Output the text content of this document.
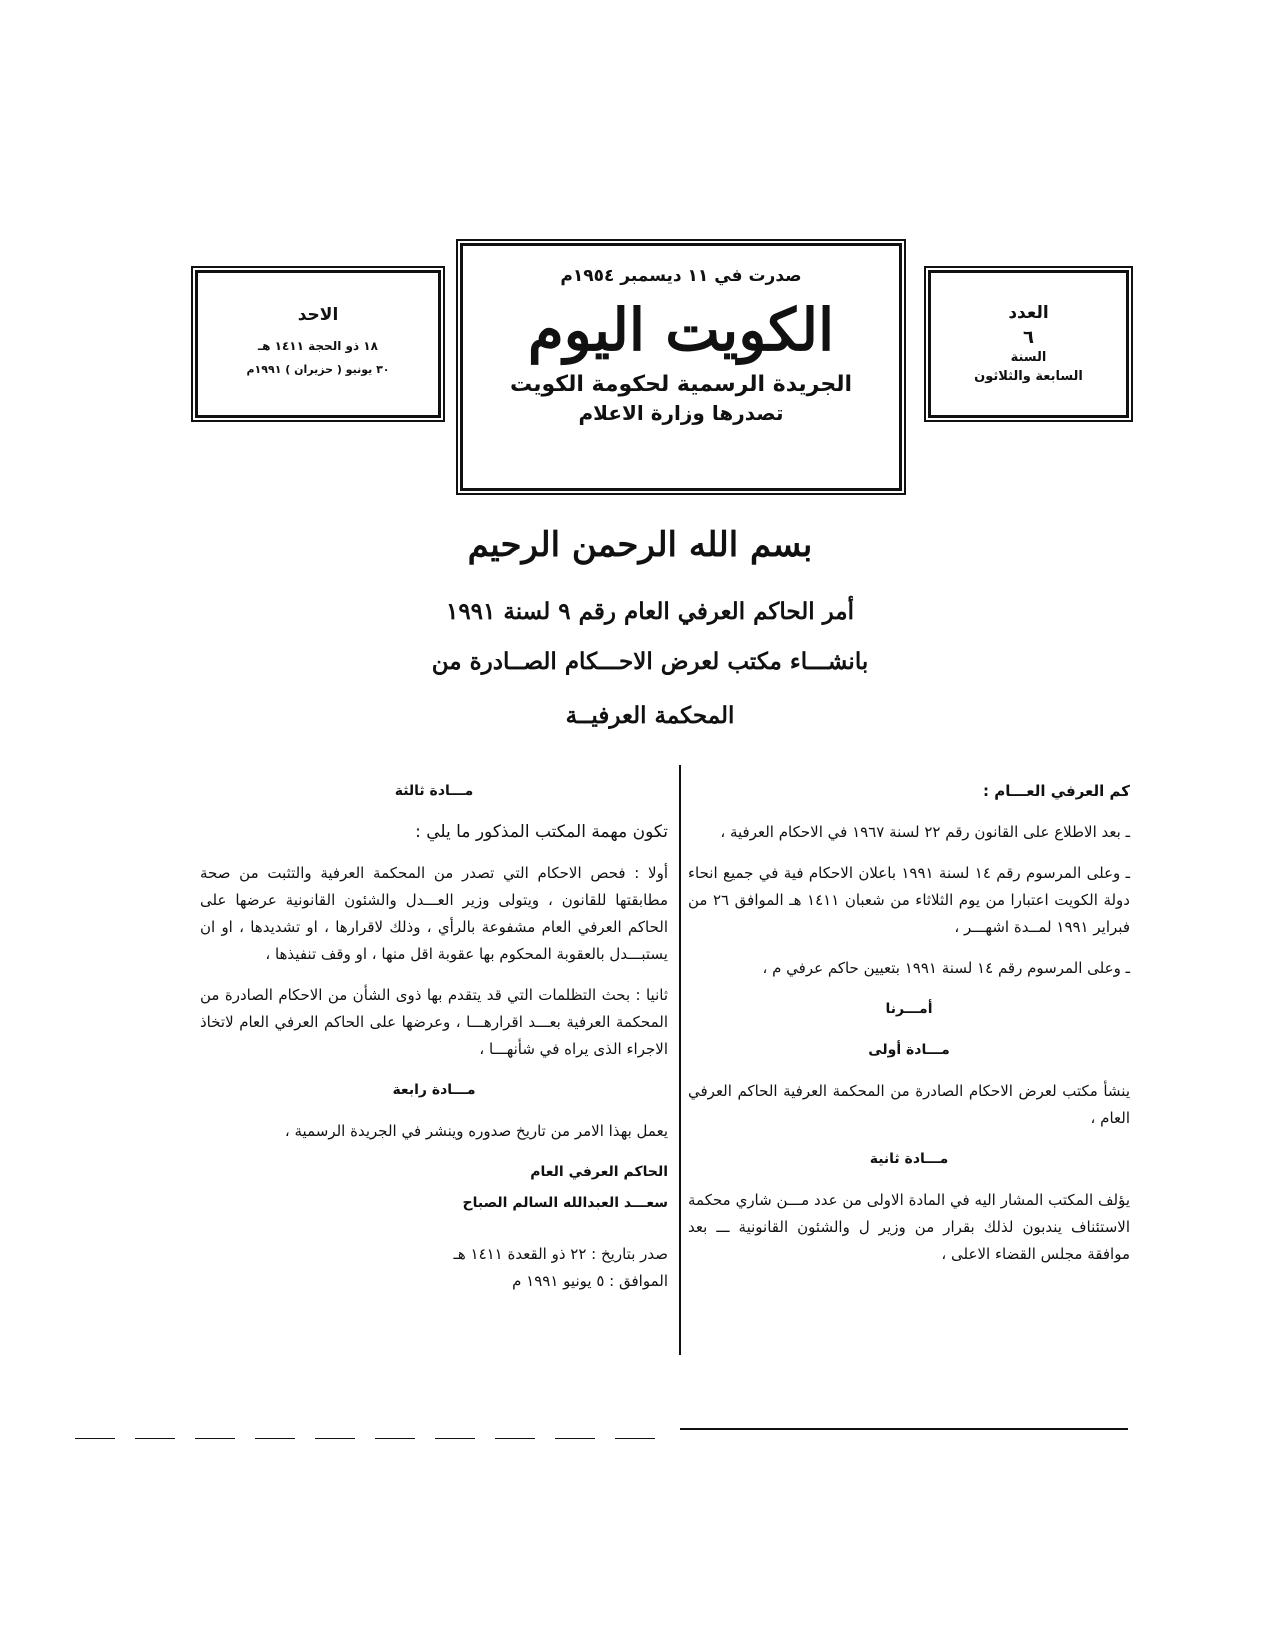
الاحد
١٨ ذو الحجة ١٤١١ هـ
٣٠ يونيو ( حزيران ) ١٩٩١م
صدرت في ١١ ديسمبر ١٩٥٤م
الكويت اليوم
الجريدة الرسمية لحكومة الكويت
تصدرها وزارة الاعلام
العدد
٦
السنة
السابعة والثلاثون
بسم الله الرحمن الرحيم
أمر الحاكم العرفي العام رقم ٩ لسنة ١٩٩١
بانشـــاء مكتب لعرض الاحـــكام الصــادرة من
المحكمة العرفيــة

كم العرفي العـــام :

ـ بعد الاطلاع على القانون رقم ٢٢ لسنة ١٩٦٧ في الاحكام العرفية ،

ـ وعلى المرسوم رقم ١٤ لسنة ١٩٩١ باعلان الاحكام فية في جميع انحاء دولة الكويت اعتبارا من يوم الثلاثاء من شعبان ١٤١١ هـ الموافق ٢٦ من فبراير ١٩٩١ لمــدة اشهـــر ،

ـ وعلى المرسوم رقم ١٤ لسنة ١٩٩١ بتعيين حاكم عرفي م ،

أمـــرنا

مـــادة أولى

ينشأ مكتب لعرض الاحكام الصادرة من المحكمة العرفية الحاكم العرفي العام ،

مـــادة ثانية

يؤلف المكتب المشار اليه في المادة الاولى من عدد مـــن شاري محكمة الاستئناف يندبون لذلك بقرار من وزير ل والشئون القانونية ـــ بعد موافقة مجلس القضاء الاعلى ،

مـــادة ثالثة

تكون مهمة المكتب المذكور ما يلي :

أولا : فحص الاحكام التي تصدر من المحكمة العرفية والتثبت من صحة مطابقتها للقانون ، ويتولى وزير العـــدل والشئون القانونية عرضها على الحاكم العرفي العام مشفوعة بالرأي ، وذلك لاقرارها ، او تشديدها ، او ان يستبـــدل بالعقوبة المحكوم بها عقوبة اقل منها ، او وقف تنفيذها ،

ثانيا : بحث التظلمات التي قد يتقدم بها ذوى الشأن من الاحكام الصادرة من المحكمة العرفية بعـــد اقرارهـــا ، وعرضها على الحاكم العرفي العام لاتخاذ الاجراء الذى يراه في شأنهـــا ،

مـــادة رابعة

يعمل بهذا الامر من تاريخ صدوره وينشر في الجريدة الرسمية ،

الحاكم العرفي العام

سعـــد العبدالله السالم الصباح

صدر بتاريخ : ٢٢ ذو القعدة ١٤١١ هـ

الموافق : ٥ يونيو ١٩٩١ م
